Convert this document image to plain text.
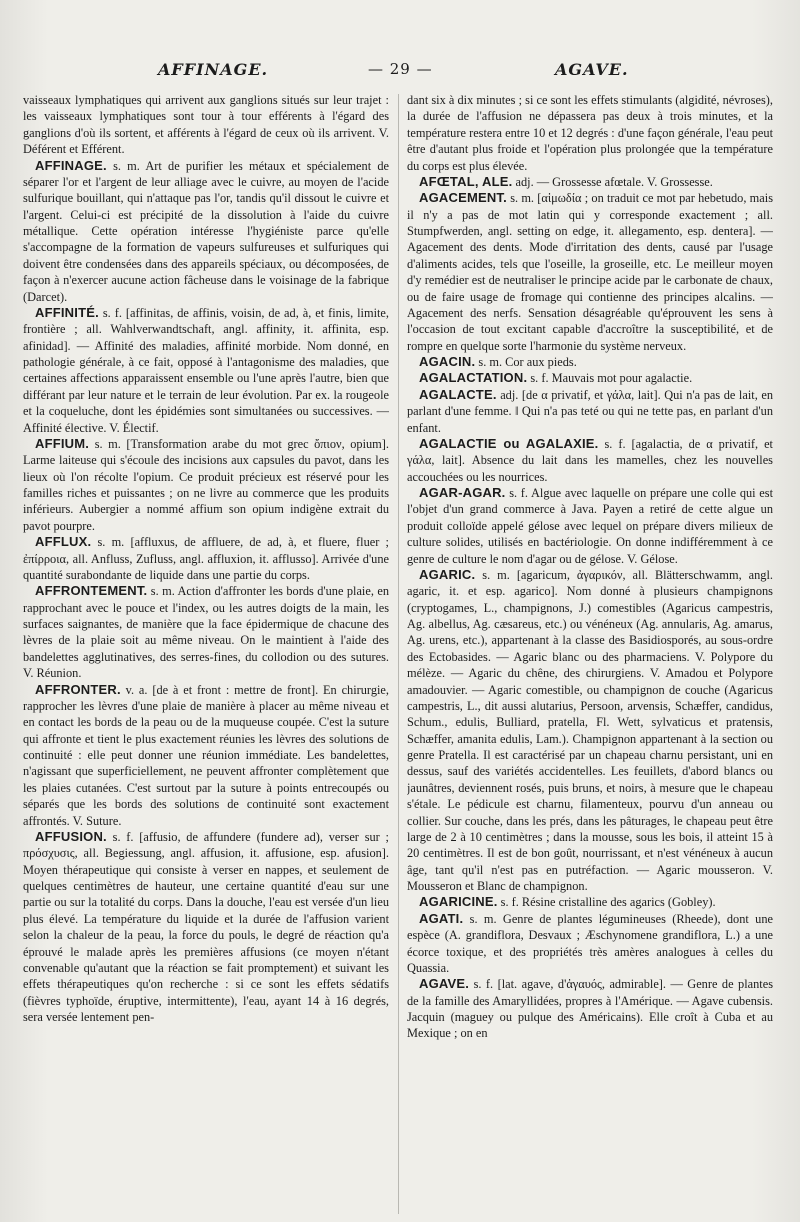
AFFINAGE.	— 29 —	AGAVE.

vaisseaux lymphatiques qui arrivent aux ganglions situés sur leur trajet : les vaisseaux lymphatiques sont tour à tour efférents à l'égard des ganglions d'où ils sortent, et afférents à l'égard de ceux où ils arrivent. V. Déférent et Efférent.

AFFINAGE. s. m. Art de purifier les métaux et spécialement de séparer l'or et l'argent de leur alliage avec le cuivre, au moyen de l'acide sulfurique bouillant, qui n'attaque pas l'or, tandis qu'il dissout le cuivre et l'argent. Celui-ci est précipité de la dissolution à l'aide du cuivre métallique. Cette opération intéresse l'hygiéniste parce qu'elle s'accompagne de la formation de vapeurs sulfureuses et sulfuriques qui doivent être condensées dans des appareils spéciaux, ou décomposées, de façon à n'exercer aucune action fâcheuse dans le voisinage de la fabrique (Darcet).

AFFINITÉ. s. f. [affinitas, de affinis, voisin, de ad, à, et finis, limite, frontière ; all. Wahlverwandtschaft, angl. affinity, it. affinita, esp. afinidad]. — Affinité des maladies, affinité morbide. Nom donné, en pathologie générale, à ce fait, opposé à l'antagonisme des maladies, que certaines affections apparaissent ensemble ou l'une après l'autre, bien que différant par leur nature et le terrain de leur évolution. Par ex. la rougeole et la coqueluche, dont les épidémies sont simultanées ou successives. — Affinité élective. V. Électif.

AFFIUM. s. m. [Transformation arabe du mot grec ὄπιον, opium]. Larme laiteuse qui s'écoule des incisions aux capsules du pavot, dans les lieux où l'on récolte l'opium. Ce produit précieux est réservé pour les familles riches et puissantes ; on ne livre au commerce que les produits inférieurs. Aubergier a nommé affium son opium indigène extrait du pavot pourpre.

AFFLUX. s. m. [affluxus, de affluere, de ad, à, et fluere, fluer ; ἐπίρροια, all. Anfluss, Zufluss, angl. affluxion, it. afflusso]. Arrivée d'une quantité surabondante de liquide dans une partie du corps.

AFFRONTEMENT. s. m. Action d'affronter les bords d'une plaie, en rapprochant avec le pouce et l'index, ou les autres doigts de la main, les surfaces saignantes, de manière que la face épidermique de chacune des lèvres de la plaie soit au même niveau. On le maintient à l'aide des bandelettes agglutinatives, des serres-fines, du collodion ou des sutures. V. Réunion.

AFFRONTER. v. a. [de à et front : mettre de front]. En chirurgie, rapprocher les lèvres d'une plaie de manière à placer au même niveau et en contact les bords de la peau ou de la muqueuse coupée. C'est la suture qui affronte et tient le plus exactement réunies les lèvres des solutions de continuité : elle peut donner une réunion immédiate. Les bandelettes, n'agissant que superficiellement, ne peuvent affronter complètement que les plaies cutanées. C'est surtout par la suture à points entrecoupés ou séparés que les bords des solutions de continuité sont exactement affrontés. V. Suture.

AFFUSION. s. f. [affusio, de affundere (fundere ad), verser sur ; πρόσχυσις, all. Begiessung, angl. affusion, it. affusione, esp. afusion]. Moyen thérapeutique qui consiste à verser en nappes, et seulement de quelques centimètres de hauteur, une certaine quantité d'eau sur une partie ou sur la totalité du corps. Dans la douche, l'eau est versée d'un lieu plus élevé. La température du liquide et la durée de l'affusion varient selon la chaleur de la peau, la force du pouls, le degré de réaction qu'a éprouvé le malade après les premières affusions (ce moyen n'étant convenable qu'autant que la réaction se fait promptement) et suivant les effets thérapeutiques qu'on recherche : si ce sont les effets sédatifs (fièvres typhoïde, éruptive, intermittente), l'eau, ayant 14 à 16 degrés, sera versée lentement pen-

dant six à dix minutes ; si ce sont les effets stimulants (algidité, névroses), la durée de l'affusion ne dépassera pas deux à trois minutes, et la température restera entre 10 et 12 degrés : d'une façon générale, l'eau peut être d'autant plus froide et l'opération plus prolongée que la température du corps est plus élevée.

AFŒTAL, ALE. adj. — Grossesse afœtale. V. Grossesse.

AGACEMENT. s. m. [αἱμωδία ; on traduit ce mot par hebetudo, mais il n'y a pas de mot latin qui y corresponde exactement ; all. Stumpfwerden, angl. setting on edge, it. allegamento, esp. dentera]. — Agacement des dents. Mode d'irritation des dents, causé par l'usage d'aliments acides, tels que l'oseille, la groseille, etc. Le meilleur moyen d'y remédier est de neutraliser le principe acide par le carbonate de chaux, ou de faire usage de fromage qui contienne des principes alcalins. — Agacement des nerfs. Sensation désagréable qu'éprouvent les sens à l'occasion de tout excitant capable d'accroître la susceptibilité, et de rompre en quelque sorte l'harmonie du système nerveux.

AGACIN. s. m. Cor aux pieds.

AGALACTATION. s. f. Mauvais mot pour agalactie.

AGALACTE. adj. [de α privatif, et γάλα, lait]. Qui n'a pas de lait, en parlant d'une femme. ‖ Qui n'a pas teté ou qui ne tette pas, en parlant d'un enfant.

AGALACTIE ou AGALAXIE. s. f. [agalactia, de α privatif, et γάλα, lait]. Absence du lait dans les mamelles, chez les nouvelles accouchées ou les nourrices.

AGAR-AGAR. s. f. Algue avec laquelle on prépare une colle qui est l'objet d'un grand commerce à Java. Payen a retiré de cette algue un produit colloïde appelé gélose avec lequel on prépare divers milieux de culture solides, utilisés en bactériologie. On donne indifféremment à ce genre de culture le nom d'agar ou de gélose. V. Gélose.

AGARIC. s. m. [agaricum, ἀγαρικόν, all. Blätterschwamm, angl. agaric, it. et esp. agarico]. Nom donné à plusieurs champignons (cryptogames, L., champignons, J.) comestibles (Agaricus campestris, Ag. albellus, Ag. cæsareus, etc.) ou vénéneux (Ag. annularis, Ag. amarus, Ag. urens, etc.), appartenant à la classe des Basidiosporés, au sous-ordre des Ectobasides. — Agaric blanc ou des pharmaciens. V. Polypore du mélèze. — Agaric du chêne, des chirurgiens. V. Amadou et Polypore amadouvier. — Agaric comestible, ou champignon de couche (Agaricus campestris, L., dit aussi alutarius, Persoon, arvensis, Schæffer, candidus, Schum., edulis, Bulliard, pratella, Fl. Wett, sylvaticus et pratensis, Schæffer, amanita edulis, Lam.). Champignon appartenant à la section ou genre Pratella. Il est caractérisé par un chapeau charnu persistant, uni en dessus, sauf des variétés accidentelles. Les feuillets, d'abord blancs ou jaunâtres, deviennent rosés, puis bruns, et noirs, à mesure que le chapeau s'étale. Le pédicule est charnu, filamenteux, pourvu d'un anneau ou collier. Sur couche, dans les prés, dans les pâturages, le chapeau peut être large de 2 à 10 centimètres ; dans la mousse, sous les bois, il atteint 15 à 20 centimètres. Il est de bon goût, nourrissant, et n'est vénéneux à aucun âge, tant qu'il n'est pas en putréfaction. — Agaric mousseron. V. Mousseron et Blanc de champignon.

AGARICINE. s. f. Résine cristalline des agarics (Gobley).

AGATI. s. m. Genre de plantes légumineuses (Rheede), dont une espèce (A. grandiflora, Desvaux ; Æschynomene grandiflora, L.) a une écorce toxique, et des propriétés très amères analogues à celles du Quassia.

AGAVE. s. f. [lat. agave, d'ἀγαυός, admirable]. — Genre de plantes de la famille des Amaryllidées, propres à l'Amérique. — Agave cubensis. Jacquin (maguey ou pulque des Américains). Elle croît à Cuba et au Mexique ; on en
